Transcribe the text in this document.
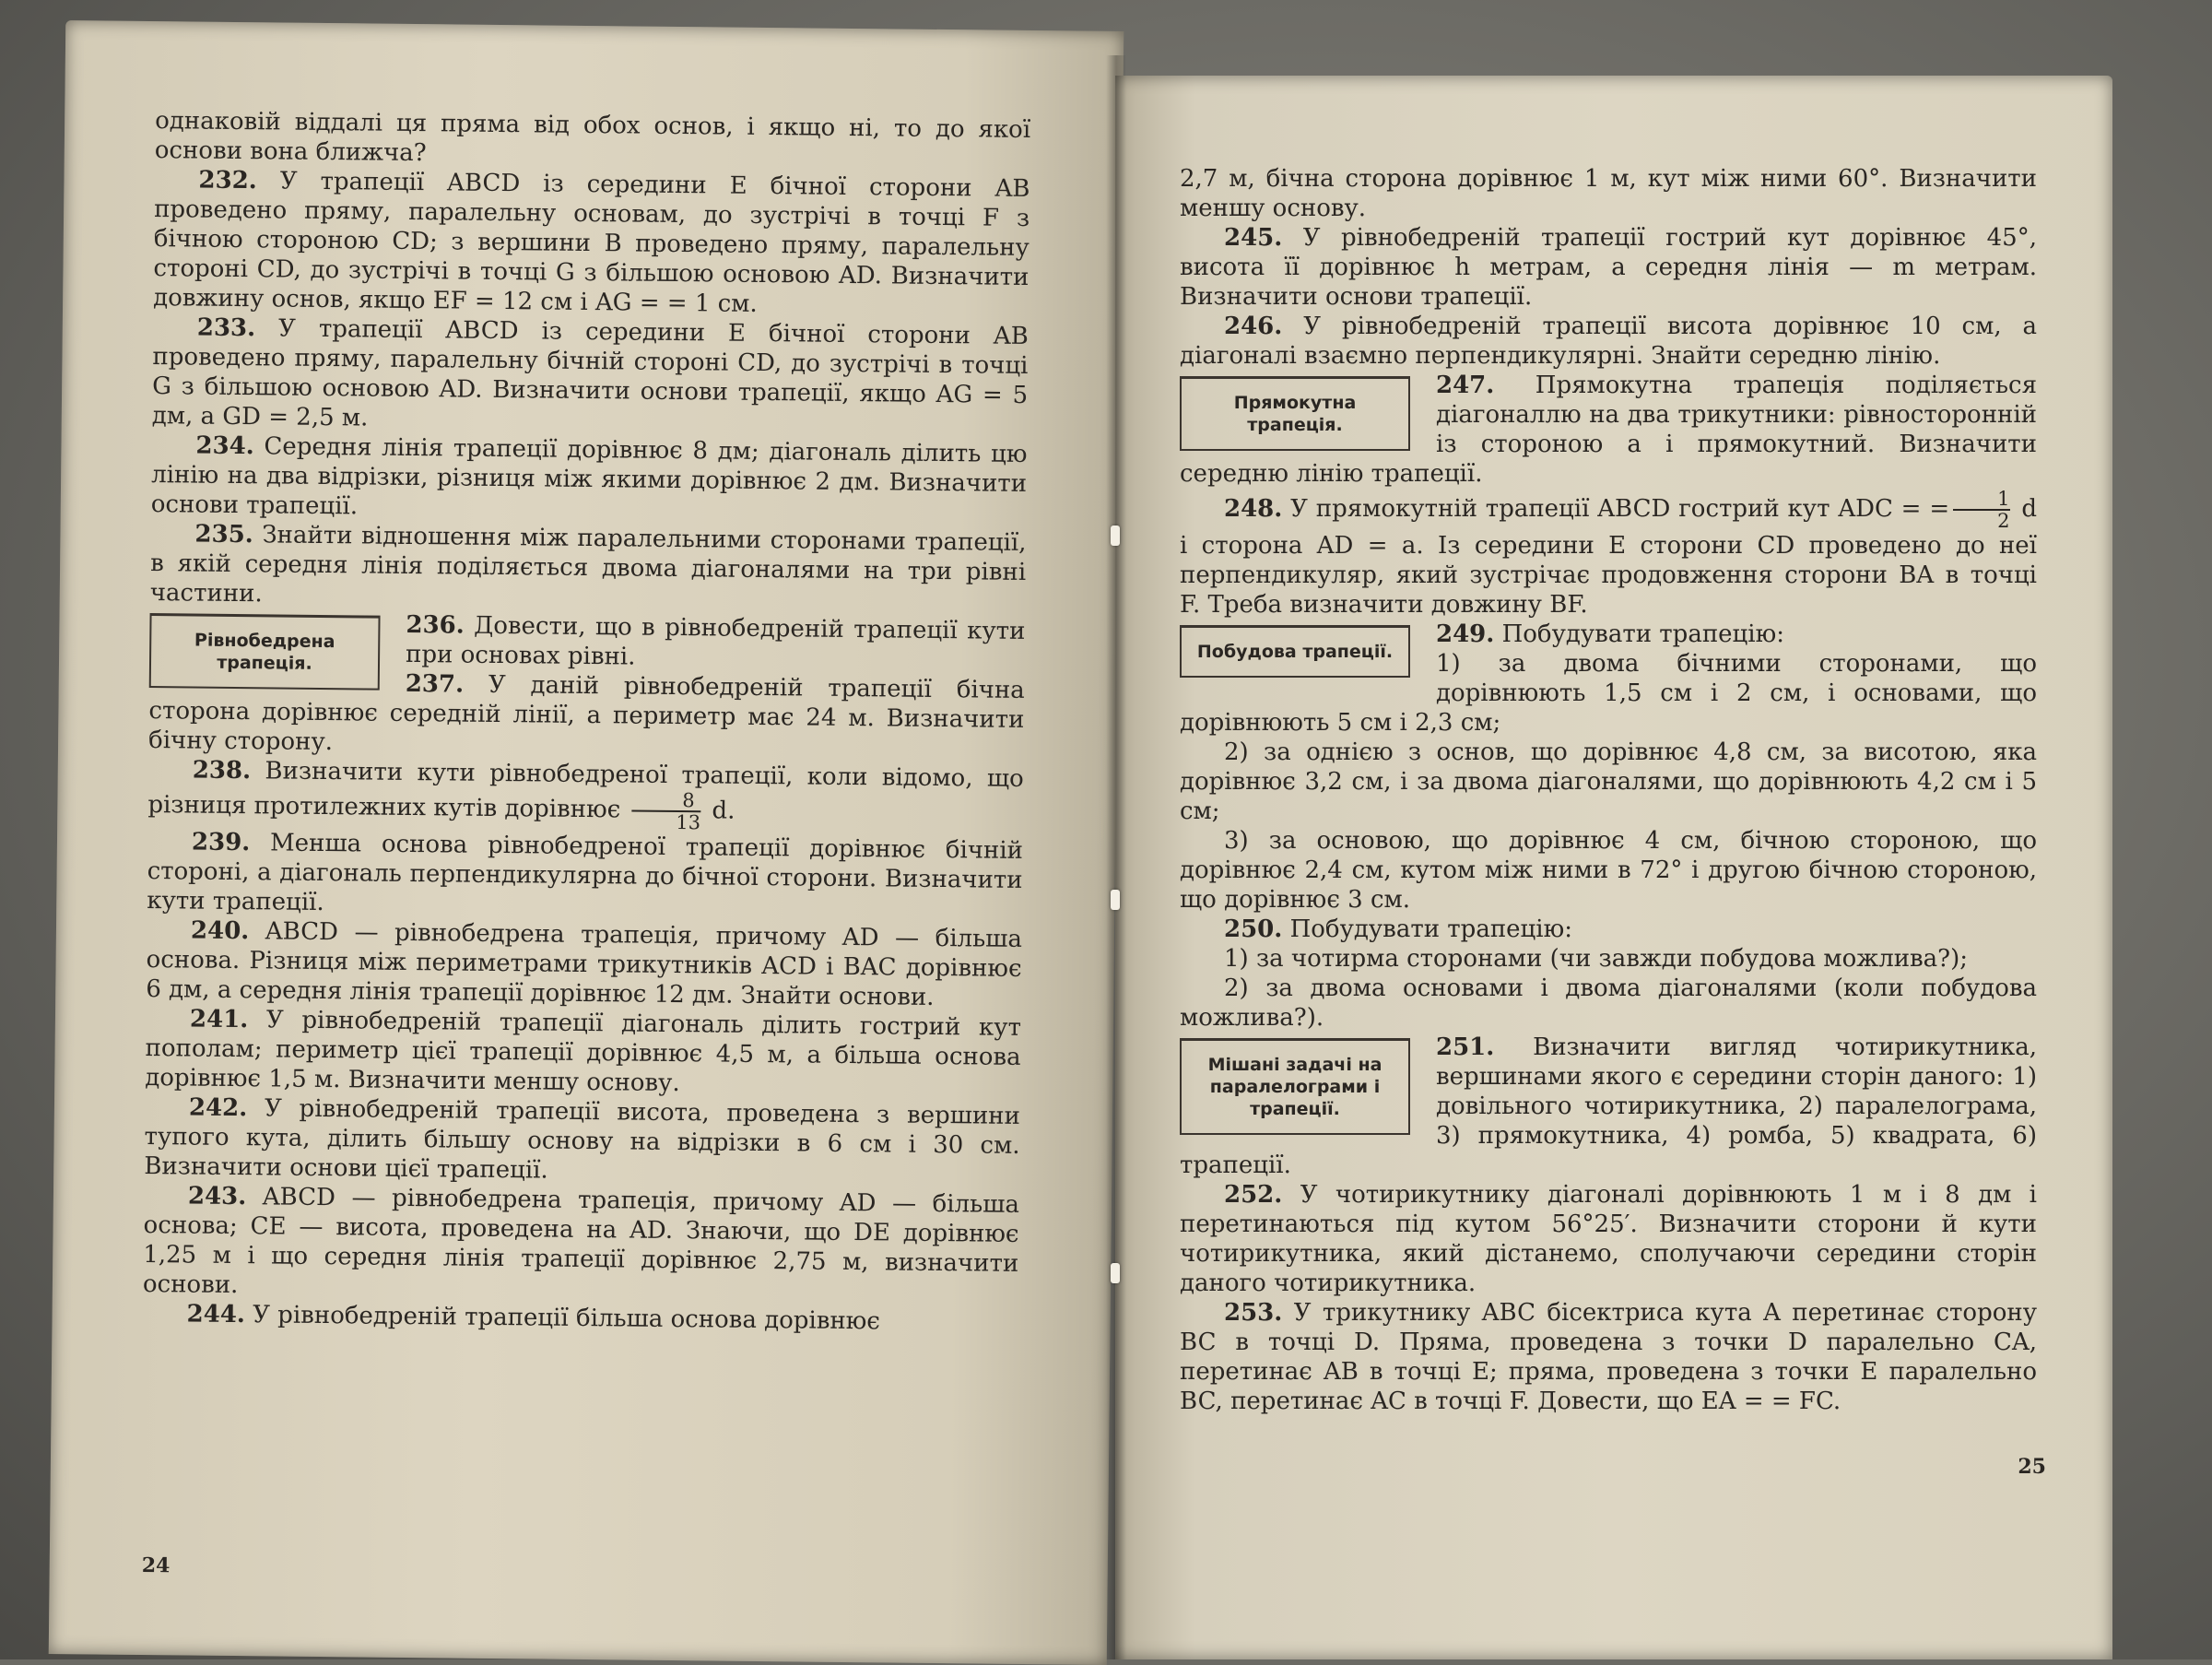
однаковій віддалі ця пряма від обох основ, і якщо ні, то до якої основи вона ближча?

232. У трапеції ABCD із середини E бічної сторони AB проведено пряму, паралельну основам, до зустрічі в точці F з бічною стороною CD; з вершини B проведено пряму, паралельну стороні CD, до зустрічі в точці G з більшою основою AD. Визначити довжину основ, якщо EF = 12 см і AG = = 1 см.

233. У трапеції ABCD із середини E бічної сторони AB проведено пряму, паралельну бічній стороні CD, до зустрічі в точці G з більшою основою AD. Визначити основи трапеції, якщо AG = 5 дм, а GD = 2,5 м.

234. Середня лінія трапеції дорівнює 8 дм; діагональ ділить цю лінію на два відрізки, різниця між якими дорівнює 2 дм. Визначити основи трапеції.

235. Знайти відношення між паралельними сторонами трапеції, в якій середня лінія поділяється двома діагоналями на три рівні частини.

Рівнобедрена трапеція.

236. Довести, що в рівнобедреній трапеції кути при основах рівні.

237. У даній рівнобедреній трапеції бічна сторона дорівнює середній лінії, а периметр має 24 м. Визначити бічну сторону.

238. Визначити кути рівнобедреної трапеції, коли відомо, що різниця протилежних кутів дорівнює $\frac{8}{13} d$.

239. Менша основа рівнобедреної трапеції дорівнює бічній стороні, а діагональ перпендикулярна до бічної сторони. Визначити кути трапеції.

240. ABCD — рівнобедрена трапеція, причому AD — більша основа. Різниця між периметрами трикутників ACD і BAC дорівнює 6 дм, а середня лінія трапеції дорівнює 12 дм. Знайти основи.

241. У рівнобедреній трапеції діагональ ділить гострий кут пополам; периметр цієї трапеції дорівнює 4,5 м, а більша основа дорівнює 1,5 м. Визначити меншу основу.

242. У рівнобедреній трапеції висота, проведена з вершини тупого кута, ділить більшу основу на відрізки в 6 см і 30 см. Визначити основи цієї трапеції.

243. ABCD — рівнобедрена трапеція, причому AD — більша основа; CE — висота, проведена на AD. Знаючи, що DE дорівнює 1,25 м і що середня лінія трапеції дорівнює 2,75 м, визначити основи.

244. У рівнобедреній трапеції більша основа дорівнює

24

2,7 м, бічна сторона дорівнює 1 м, кут між ними 60°. Визначити меншу основу.

245. У рівнобедреній трапеції гострий кут дорівнює 45°, висота її дорівнює h метрам, а середня лінія — m метрам. Визначити основи трапеції.

246. У рівнобедреній трапеції висота дорівнює 10 см, а діагоналі взаємно перпендикулярні. Знайти середню лінію.

Прямокутна трапеція.

247. Прямокутна трапеція поділяється діагоналлю на два трикутники: рівносторонній із стороною a і прямокутний. Визначити середню лінію трапеції.

248. У прямокутній трапеції ABCD гострий кут ADC = = $\frac{1}{2}$ d і сторона AD = a. Із середини E сторони CD проведено до неї перпендикуляр, який зустрічає продовження сторони BA в точці F. Треба визначити довжину BF.

Побудова трапеції.

249. Побудувати трапецію:

1) за двома бічними сторонами, що дорівнюють 1,5 см і 2 см, і основами, що дорівнюють 5 см і 2,3 см;

2) за однією з основ, що дорівнює 4,8 см, за висотою, яка дорівнює 3,2 см, і за двома діагоналями, що дорівнюють 4,2 см і 5 см;

3) за основою, що дорівнює 4 см, бічною стороною, що дорівнює 2,4 см, кутом між ними в 72° і другою бічною стороною, що дорівнює 3 см.

250. Побудувати трапецію:

1) за чотирма сторонами (чи завжди побудова можлива?);

2) за двома основами і двома діагоналями (коли побудова можлива?).

Мішані задачі на паралелограми і трапеції.

251. Визначити вигляд чотирикутника, вершинами якого є середини сторін даного: 1) довільного чотирикутника, 2) паралелограма, 3) прямокутника, 4) ромба, 5) квадрата, 6) трапеції.

252. У чотирикутнику діагоналі дорівнюють 1 м і 8 дм і перетинаються під кутом 56°25′. Визначити сторони й кути чотирикутника, який дістанемо, сполучаючи середини сторін даного чотирикутника.

253. У трикутнику ABC бісектриса кута A перетинає сторону BC в точці D. Пряма, проведена з точки D паралельно CA, перетинає AB в точці E; пряма, проведена з точки E паралельно BC, перетинає AC в точці F. Довести, що EA = = FC.

25
